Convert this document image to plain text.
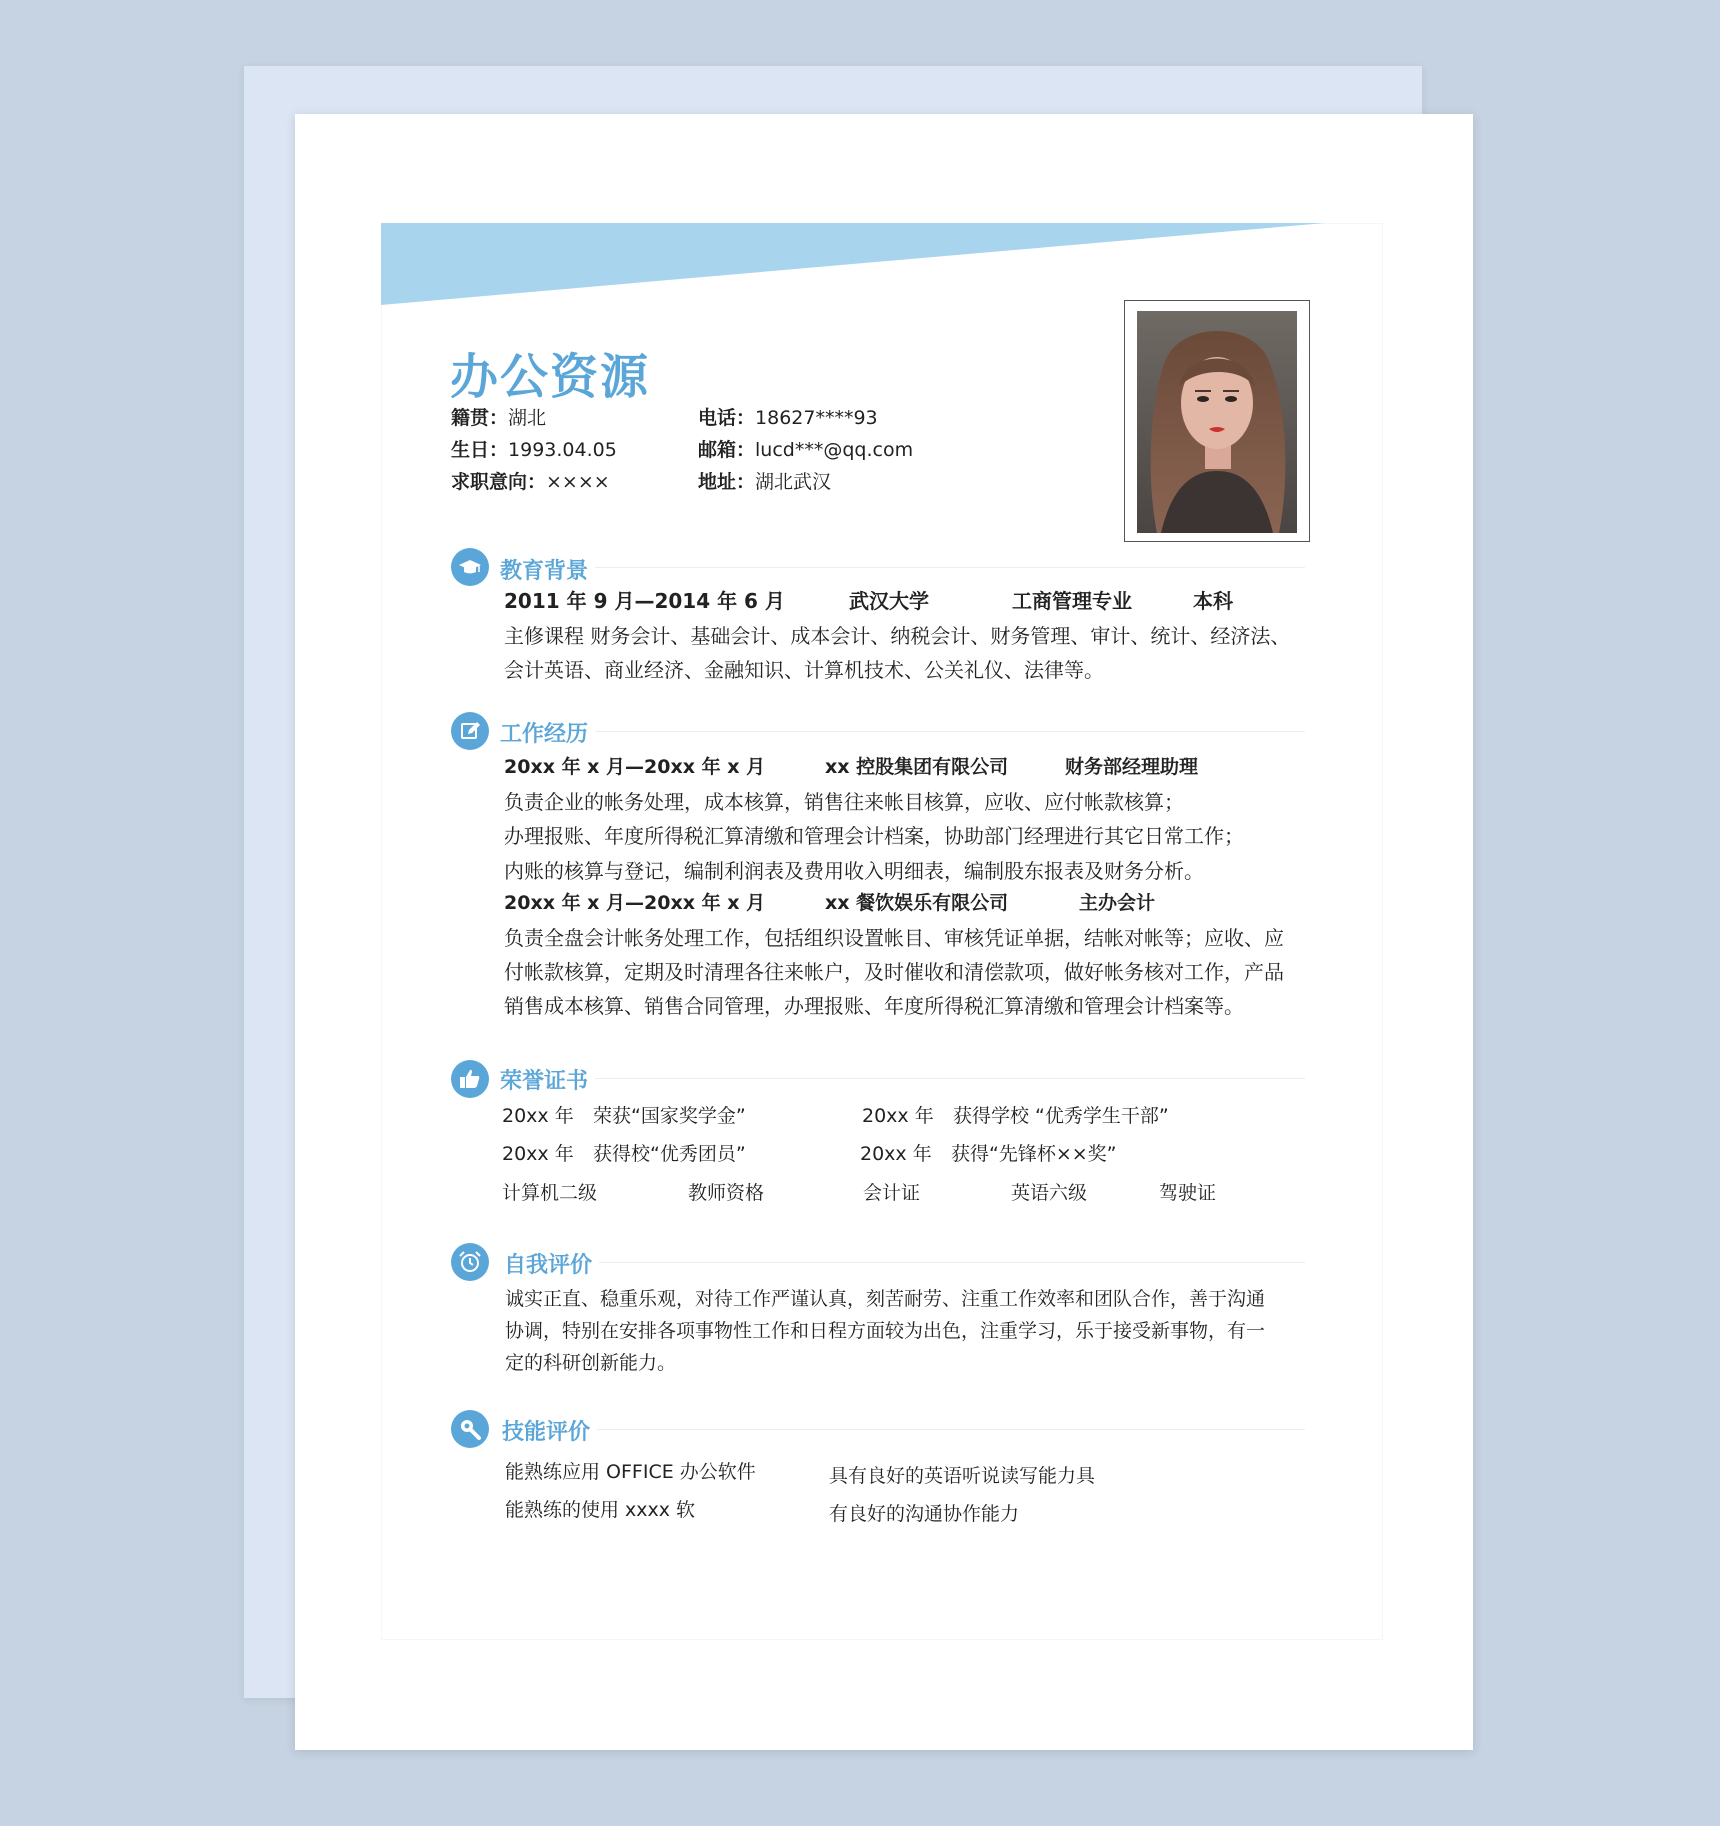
办公资源
籍贯：湖北	电话：18627****93
生日：1993.04.05	邮箱：lucd***@qq.com
求职意向：××××	地址：湖北武汉
教育背景
2011 年 9 月—2014 年 6 月	武汉大学	工商管理专业	本科
主修课程 财务会计、基础会计、成本会计、纳税会计、财务管理、审计、统计、经济法、
会计英语、商业经济、金融知识、计算机技术、公关礼仪、法律等。
工作经历
20xx 年 x 月—20xx 年 x 月	xx 控股集团有限公司	财务部经理助理
负责企业的帐务处理，成本核算，销售往来帐目核算，应收、应付帐款核算；
办理报账、年度所得税汇算清缴和管理会计档案，协助部门经理进行其它日常工作；
内账的核算与登记，编制利润表及费用收入明细表，编制股东报表及财务分析。
20xx 年 x 月—20xx 年 x 月	xx 餐饮娱乐有限公司	主办会计
负责全盘会计帐务处理工作，包括组织设置帐目、审核凭证单据，结帐对帐等；应收、应
付帐款核算，定期及时清理各往来帐户，及时催收和清偿款项，做好帐务核对工作，产品
销售成本核算、销售合同管理，办理报账、年度所得税汇算清缴和管理会计档案等。
荣誉证书
20xx 年 荣获“国家奖学金”	20xx 年 获得学校 “优秀学生干部”
20xx 年 获得校“优秀团员”	20xx 年 获得“先锋杯××奖”
计算机二级	教师资格	会计证	英语六级	驾驶证
自我评价
诚实正直、稳重乐观，对待工作严谨认真，刻苦耐劳、注重工作效率和团队合作，善于沟通
协调，特别在安排各项事物性工作和日程方面较为出色，注重学习，乐于接受新事物，有一
定的科研创新能力。
技能评价
能熟练应用 OFFICE 办公软件	具有良好的英语听说读写能力具
能熟练的使用 xxxx 软	有良好的沟通协作能力
